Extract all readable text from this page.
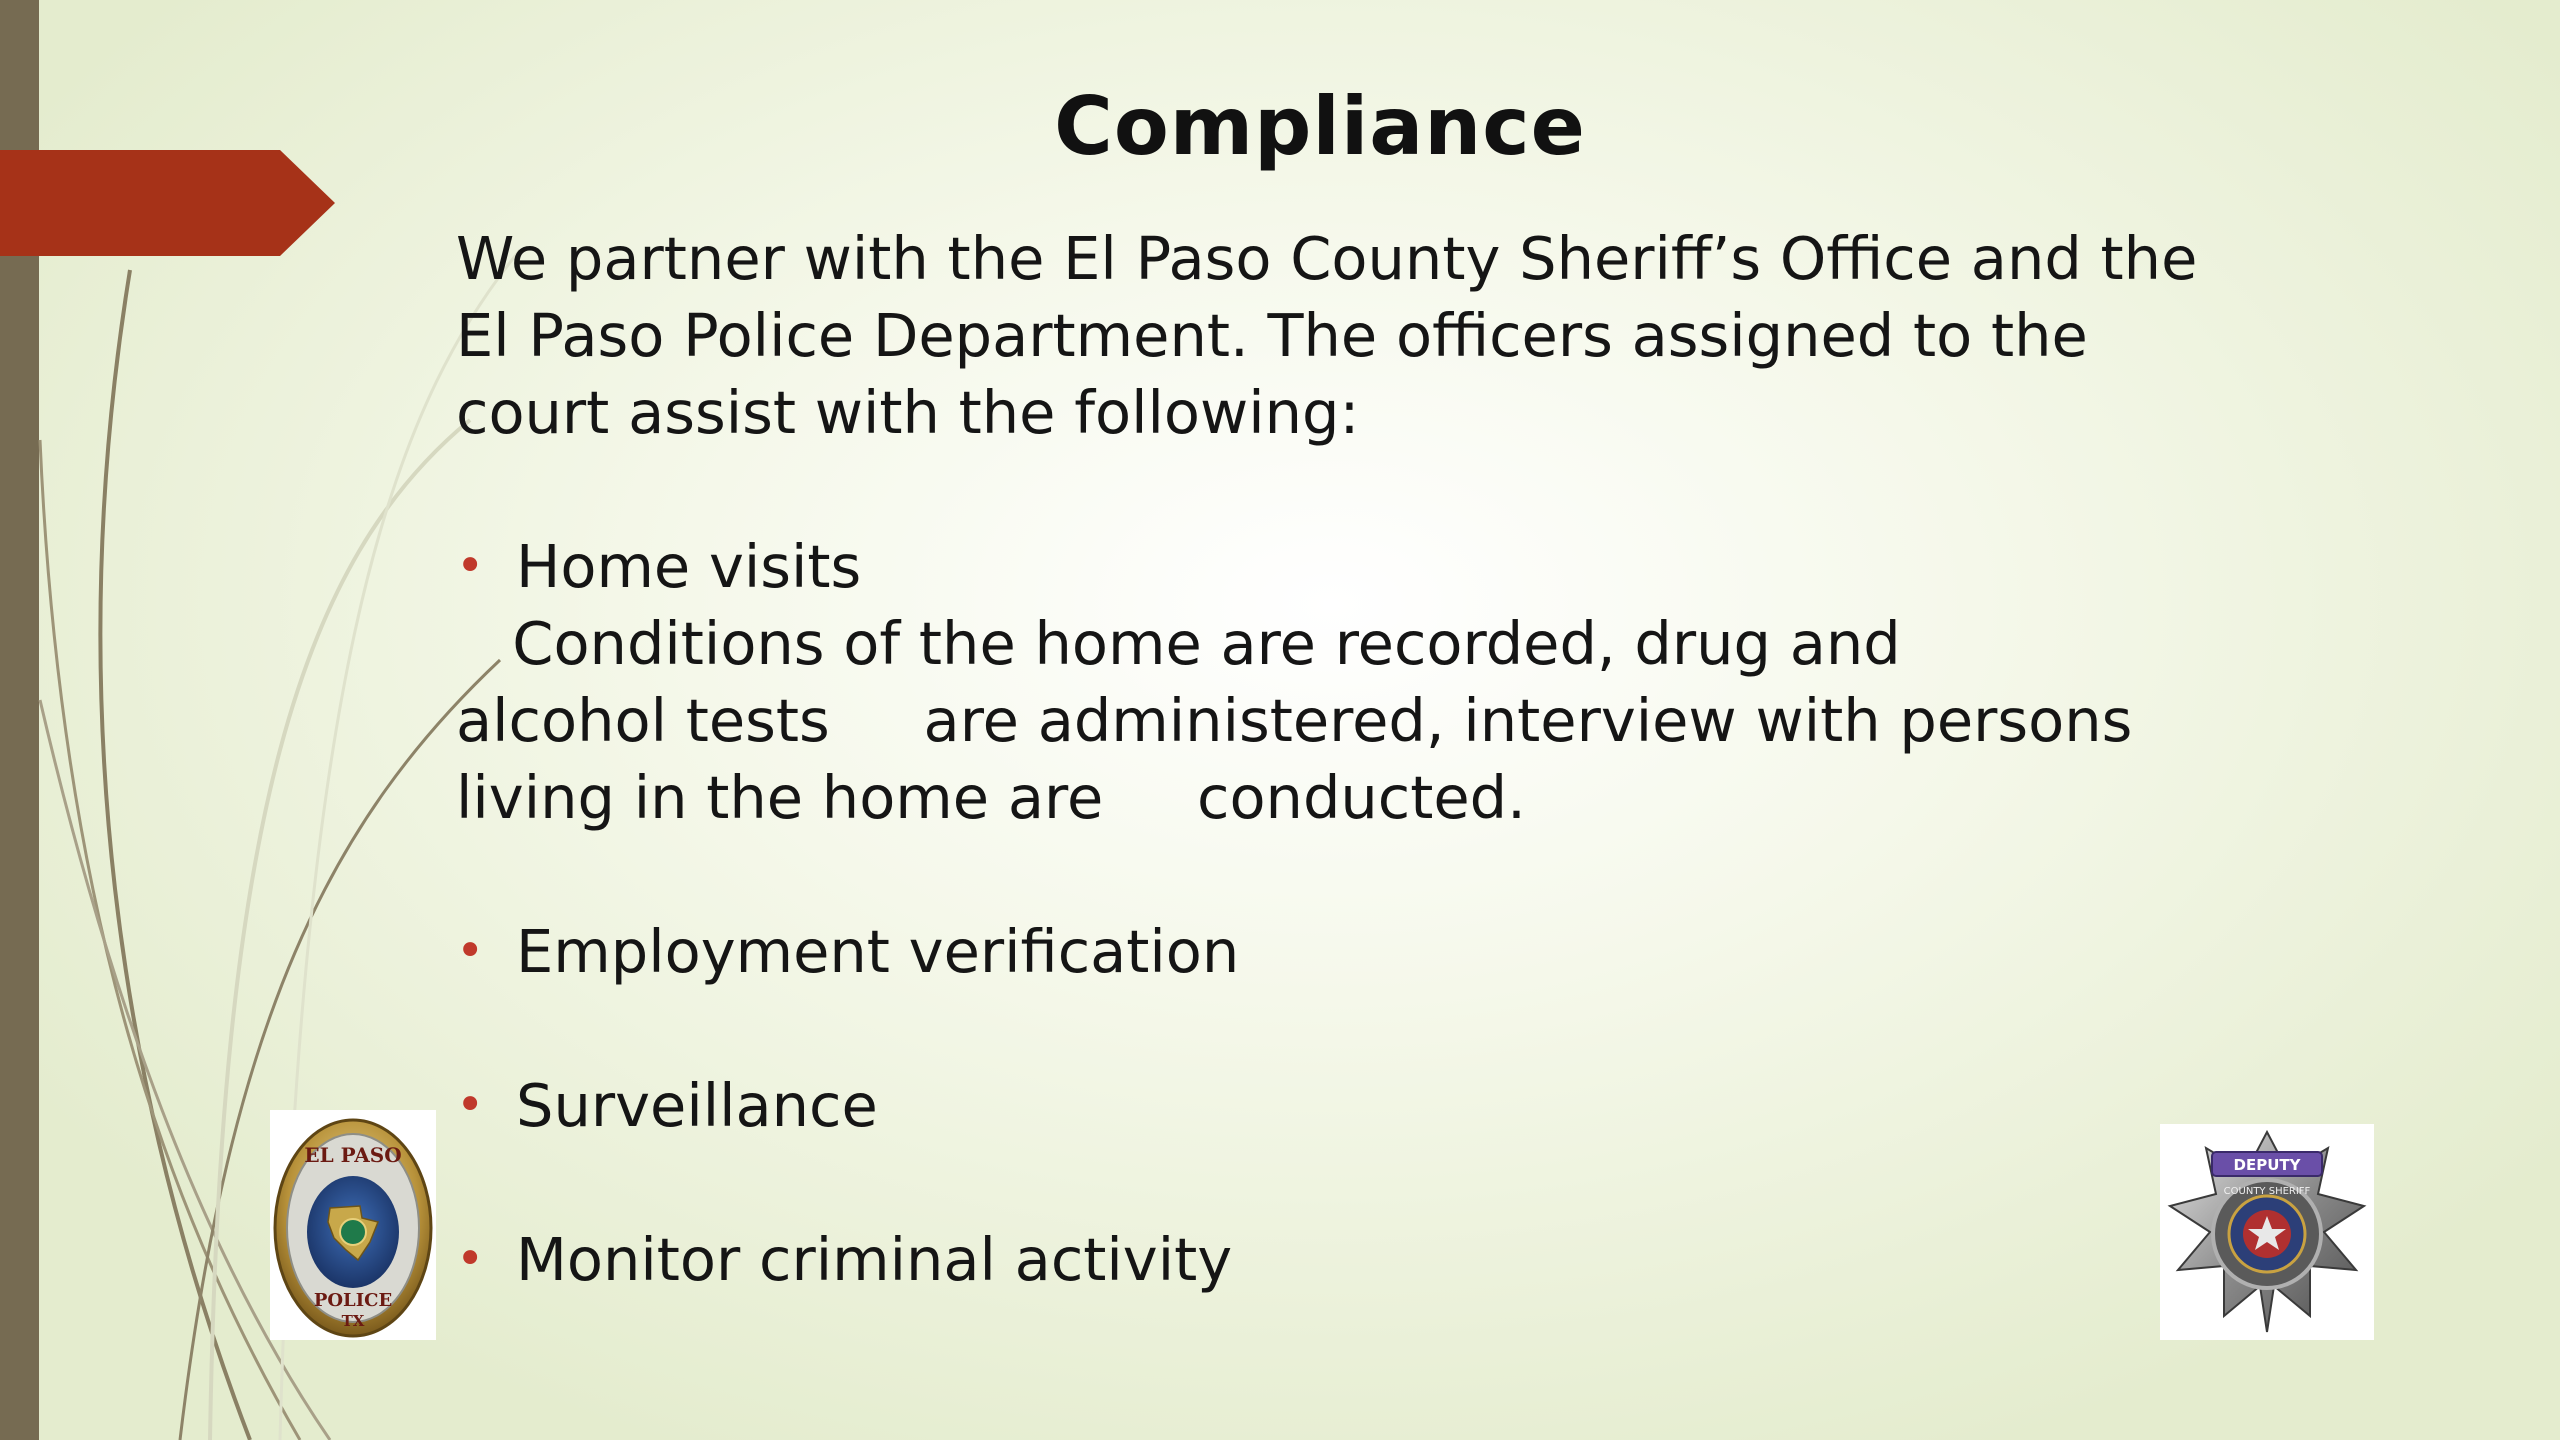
Compliance

We partner with the El Paso County Sheriff’s Office and the El Paso Police Department. The officers assigned to the court assist with the following:

• Home visits

Conditions of the home are recorded, drug and
alcohol tests     are administered, interview with persons
living in the home are     conducted.

• Employment verification
• Surveillance
• Monitor criminal activity
EL PASO
POLICE
TX
DEPUTY
COUNTY SHERIFF
